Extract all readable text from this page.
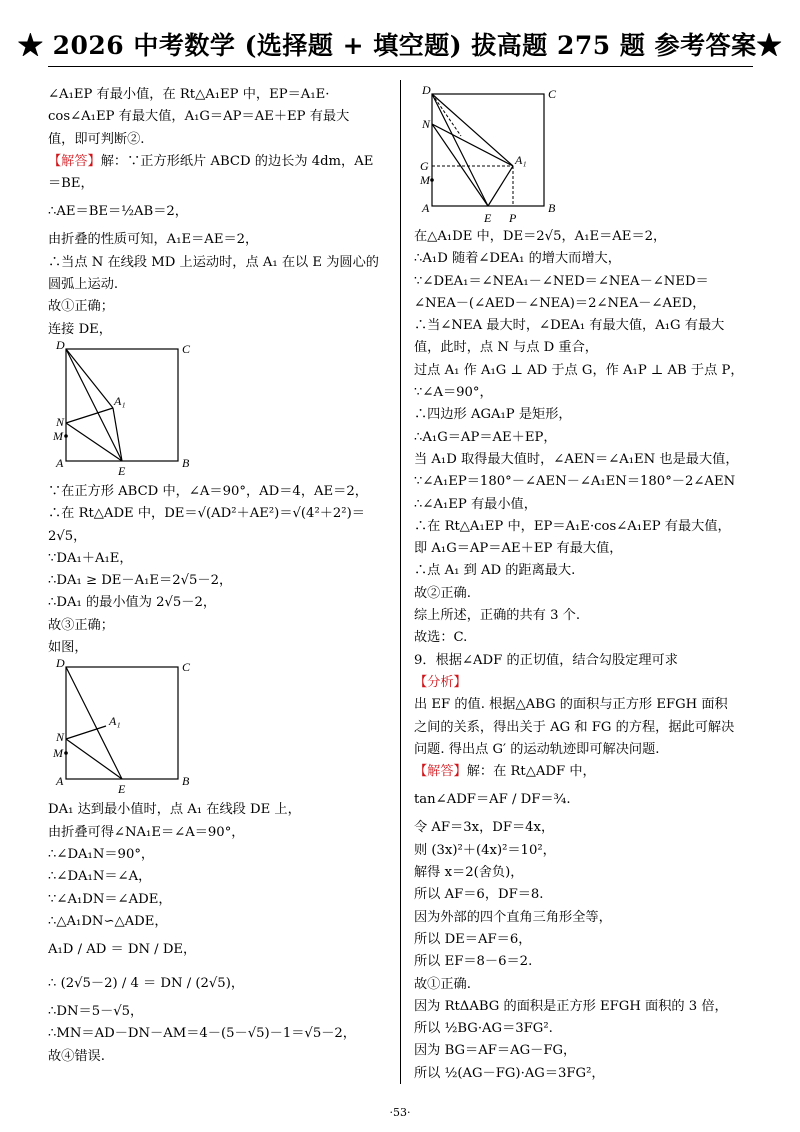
★ 2026 中考数学 (选择题 + 填空题) 拔高题 275 题 参考答案★
∠A₁EP 有最小值，在 Rt△A₁EP 中，EP＝A₁E·
cos∠A₁EP 有最大值，A₁G＝AP＝AE＋EP 有最大
值，即可判断②.
【解答】解：∵正方形纸片 ABCD 的边长为 4dm，AE
＝BE，
∴AE＝BE＝½AB＝2，
由折叠的性质可知，A₁E＝AE＝2，
∴当点 N 在线段 MD 上运动时，点 A₁ 在以 E 为圆心的
圆弧上运动.
故①正确；
连接 DE，
D	C
A	B
E
N
M
A₁
∵在正方形 ABCD 中，∠A＝90°，AD＝4，AE＝2，
∴在 Rt△ADE 中，DE＝√(AD²＋AE²)＝√(4²＋2²)＝
2√5，
∵DA₁＋A₁E，
∴DA₁ ≥ DE－A₁E＝2√5－2，
∴DA₁ 的最小值为 2√5－2，
故③正确；
如图，
D	C
A	B
E
N
M
A₁
DA₁ 达到最小值时，点 A₁ 在线段 DE 上，
由折叠可得∠NA₁E＝∠A＝90°，
∴∠DA₁N＝90°，
∴∠DA₁N＝∠A，
∵∠A₁DN＝∠ADE，
∴△A₁DN∽△ADE，
A₁D / AD ＝ DN / DE，
∴ (2√5－2) / 4 ＝ DN / (2√5)，
∴DN＝5－√5，
∴MN＝AD－DN－AM＝4－(5－√5)－1＝√5－2，
故④错误.
D	C
N
G
M
A	B
E P
A₁
在△A₁DE 中，DE＝2√5，A₁E＝AE＝2，
∴A₁D 随着∠DEA₁ 的增大而增大，
∵∠DEA₁＝∠NEA₁－∠NED＝∠NEA－∠NED＝
∠NEA－(∠AED－∠NEA)＝2∠NEA－∠AED，
∴当∠NEA 最大时，∠DEA₁ 有最大值，A₁G 有最大
值，此时，点 N 与点 D 重合，
过点 A₁ 作 A₁G ⊥ AD 于点 G，作 A₁P ⊥ AB 于点 P，
∵∠A＝90°，
∴四边形 AGA₁P 是矩形，
∴A₁G＝AP＝AE＋EP，
当 A₁D 取得最大值时，∠AEN＝∠A₁EN 也是最大值，
∵∠A₁EP＝180°－∠AEN－∠A₁EN＝180°－2∠AEN
∴∠A₁EP 有最小值，
∴在 Rt△A₁EP 中，EP＝A₁E·cos∠A₁EP 有最大值，
即 A₁G＝AP＝AE＋EP 有最大值，
∴点 A₁ 到 AD 的距离最大.
故②正确.
综上所述，正确的共有 3 个.
故选：C.
9．根据∠ADF 的正切值，结合勾股定理可求
【分析】
出 EF 的值. 根据△ABG 的面积与正方形 EFGH 面积
之间的关系，得出关于 AG 和 FG 的方程，据此可解决
问题. 得出点 G′ 的运动轨迹即可解决问题.
【解答】解：在 Rt△ADF 中，
tan∠ADF＝AF / DF＝¾.
令 AF＝3x，DF＝4x，
则 (3x)²＋(4x)²＝10²，
解得 x＝2(舍负)，
所以 AF＝6，DF＝8.
因为外部的四个直角三角形全等，
所以 DE＝AF＝6，
所以 EF＝8－6＝2.
故①正确.
因为 RtΔABG 的面积是正方形 EFGH 面积的 3 倍，
所以 ½BG·AG＝3FG².
因为 BG＝AF＝AG－FG，
所以 ½(AG－FG)·AG＝3FG²，
·53·
